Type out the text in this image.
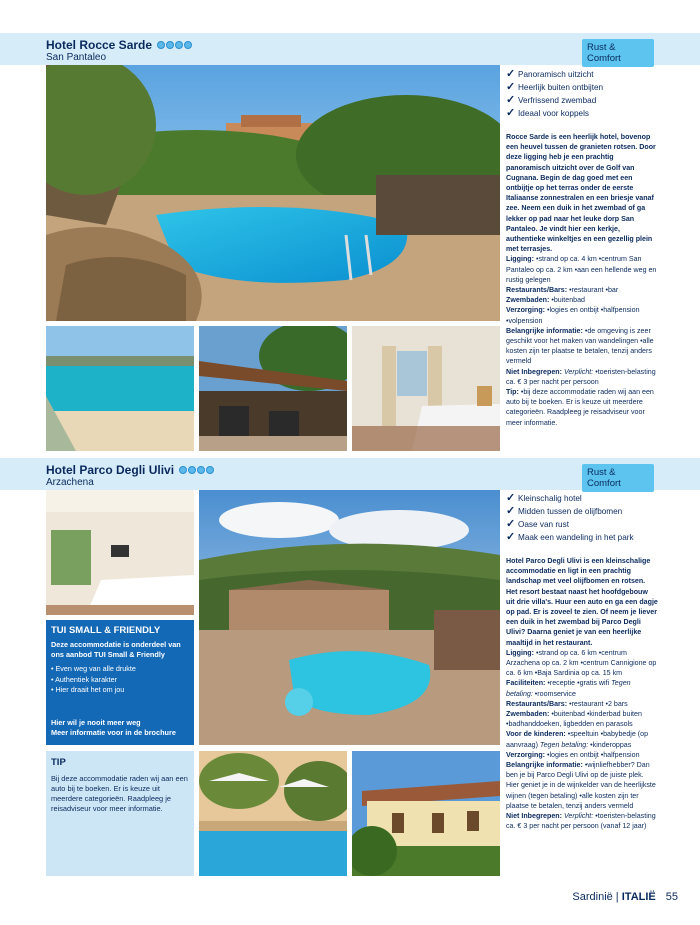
Hotel Rocce Sarde
San Pantaleo
Rust & Comfort
✓ Panoramisch uitzicht
✓ Heerlijk buiten ontbijten
✓ Verfrissend zwembad
✓ Ideaal voor koppels

Rocce Sarde is een heerlijk hotel, bovenop een heuvel tussen de granieten rotsen. Door deze ligging heb je een prachtig panoramisch uitzicht over de Golf van Cugnana. Begin de dag goed met een ontbijtje op het terras onder de eerste Italiaanse zonnestralen en een briesje vanaf zee. Neem een duik in het zwembad of ga lekker op pad naar het leuke dorp San Pantaleo. Je vindt hier een kerkje, authentieke winkeltjes en een gezellig plein met terrasjes.

Ligging: •strand op ca. 4 km •centrum San Pantaleo op ca. 2 km •aan een hellende weg en rustig gelegen

Restaurants/Bars: •restaurant •bar

Zwembaden: •buitenbad

Verzorging: •logies en ontbijt •halfpension •volpension

Belangrijke informatie: •de omgeving is zeer geschikt voor het maken van wandelingen •alle kosten zijn ter plaatse te betalen, tenzij anders vermeld

Niet Inbegrepen: Verplicht: •toeristen-belasting ca. € 3 per nacht per persoon

Tip: •bij deze accommodatie raden wij aan een auto bij te boeken. Er is keuze uit meerdere categorieën. Raadpleeg je reisadviseur voor meer informatie.

Hotel Parco Degli Ulivi
Arzachena
Rust & Comfort
TUI SMALL & FRIENDLY
Deze accommodatie is onderdeel van ons aanbod TUI Small & Friendly
• Even weg van alle drukte
• Authentiek karakter
• Hier draait het om jou
Hier wil je nooit meer weg
Meer informatie voor in de brochure
TIP
Bij deze accommodatie raden wij aan een auto bij te boeken. Er is keuze uit meerdere categorieën. Raadpleeg je reisadviseur voor meer informatie.
✓ Kleinschalig hotel
✓ Midden tussen de olijfbomen
✓ Oase van rust
✓ Maak een wandeling in het park

Hotel Parco Degli Ulivi is een kleinschalige accommodatie en ligt in een prachtig landschap met veel olijfbomen en rotsen. Het resort bestaat naast het hoofdgebouw uit drie villa's. Huur een auto en ga een dagje op pad. Er is zoveel te zien. Of neem je liever een duik in het zwembad bij Parco Degli Ulivi? Daarna geniet je van een heerlijke maaltijd in het restaurant.

Ligging: •strand op ca. 6 km •centrum Arzachena op ca. 2 km •centrum Cannigione op ca. 6 km •Baja Sardinia op ca. 15 km

Faciliteiten: •receptie •gratis wifi Tegen betaling: •roomservice

Restaurants/Bars: •restaurant •2 bars

Zwembaden: •buitenbad •kinderbad buiten •badhanddoeken, ligbedden en parasols

Voor de kinderen: •speeltuin •babybedje (op aanvraag) Tegen betaling: •kinderoppas

Verzorging: •logies en ontbijt •halfpension

Belangrijke informatie: •wijnliefhebber? Dan ben je bij Parco Degli Ulivi op de juiste plek. Hier geniet je in de wijnkelder van de heerlijkste wijnen (tegen betaling) •alle kosten zijn ter plaatse te betalen, tenzij anders vermeld

Niet Inbegrepen: Verplicht: •toeristen-belasting ca. € 3 per nacht per persoon (vanaf 12 jaar)

Sardinië | ITALIË 55
